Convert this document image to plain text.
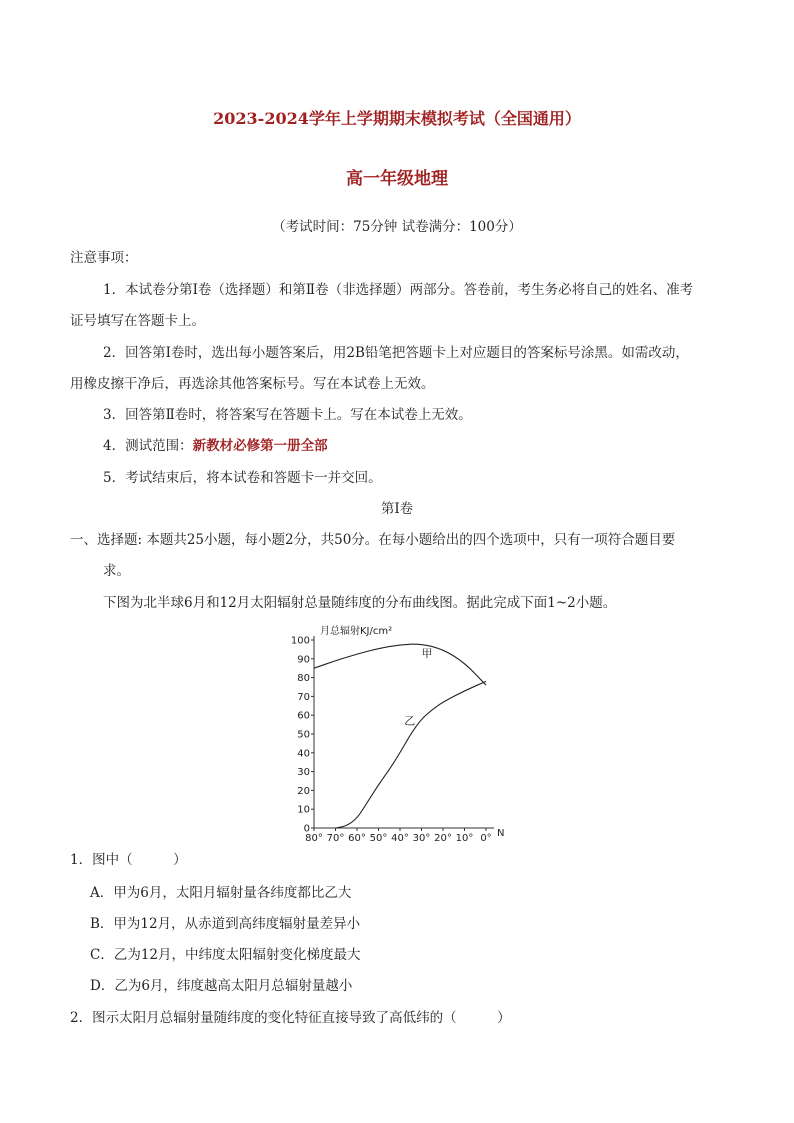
2023-2024学年上学期期末模拟考试（全国通用）
高一年级地理

（考试时间：75分钟 试卷满分：100分）

注意事项：

1．本试卷分第Ⅰ卷（选择题）和第Ⅱ卷（非选择题）两部分。答卷前，考生务必将自己的姓名、准考

证号填写在答题卡上。

2．回答第Ⅰ卷时，选出每小题答案后，用2B铅笔把答题卡上对应题目的答案标号涂黑。如需改动，

用橡皮擦干净后，再选涂其他答案标号。写在本试卷上无效。

3．回答第Ⅱ卷时，将答案写在答题卡上。写在本试卷上无效。

4．测试范围：新教材必修第一册全部

5．考试结束后，将本试卷和答题卡一并交回。

第Ⅰ卷

一、选择题: 本题共25小题，每小题2分，共50分。在每小题给出的四个选项中，只有一项符合题目要

求。

下图为北半球6月和12月太阳辐射总量随纬度的分布曲线图。据此完成下面1~2小题。

月总辐射KJ/cm²
100
90
80
70
60
50
40
30
20
10
0
80° 70° 60° 50° 40° 30° 20° 10° 0°
甲
乙
N

1．图中（　　　）

A．甲为6月，太阳月辐射量各纬度都比乙大

B．甲为12月，从赤道到高纬度辐射量差异小

C．乙为12月，中纬度太阳辐射变化梯度最大

D．乙为6月，纬度越高太阳月总辐射量越小

2．图示太阳月总辐射量随纬度的变化特征直接导致了高低纬的（　　　）
